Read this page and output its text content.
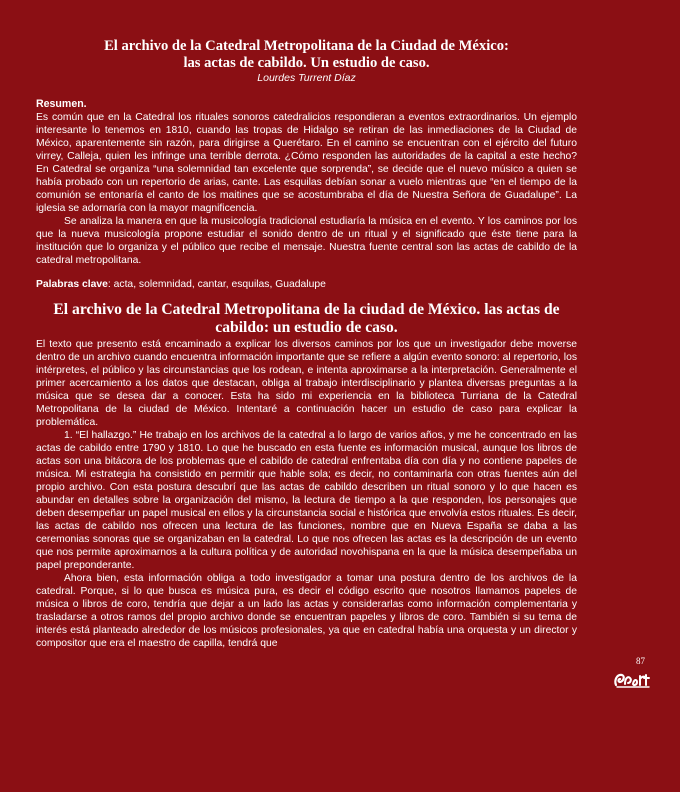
El archivo de la Catedral Metropolitana de la Ciudad de México:
las actas de cabildo. Un estudio de caso.
Lourdes Turrent Díaz
Resumen.

Es común que en la Catedral los rituales sonoros catedralicios respondieran a eventos extraordinarios. Un ejemplo interesante lo tenemos en 1810, cuando las tropas de Hidalgo se retiran de las inmediaciones de la Ciudad de México, aparentemente sin razón, para dirigirse a Querétaro. En el camino se encuentran con el ejército del futuro virrey, Calleja, quien les infringe una terrible derrota. ¿Cómo responden las autoridades de la capital a este hecho? En Catedral se organiza “una solemnidad tan excelente que sorprenda”, se decide que el nuevo músico a quien se había probado con un repertorio de arias, cante. Las esquilas debían sonar a vuelo mientras que “en el tiempo de la comunión se entonaría el canto de los maitines que se acostumbraba el día de Nuestra Señora de Guadalupe”. La iglesia se adornaría con la mayor magnificencia.

Se analiza la manera en que la musicología tradicional estudiaría la música en el evento. Y los caminos por los que la nueva musicología propone estudiar el sonido dentro de un ritual y el significado que éste tiene para la institución que lo organiza y el público que recibe el mensaje. Nuestra fuente central son las actas de cabildo de la catedral metropolitana.

Palabras clave: acta, solemnidad, cantar, esquilas, Guadalupe
El archivo de la Catedral Metropolitana de la ciudad de México. las actas de
cabildo: un estudio de caso.

El texto que presento está encaminado a explicar los diversos caminos por los que un investigador debe moverse dentro de un archivo cuando encuentra información importante que se refiere a algún evento sonoro: al repertorio, los intérpretes, el público y las circunstancias que los rodean, e intenta aproximarse a la interpretación. Generalmente el primer acercamiento a los datos que destacan, obliga al trabajo interdisciplinario y plantea diversas preguntas a la música que se desea dar a conocer. Esta ha sido mi experiencia en la biblioteca Turriana de la Catedral Metropolitana de la ciudad de México. Intentaré a continuación hacer un estudio de caso para explicar la problemática.

1. “El hallazgo.” He trabajo en los archivos de la catedral a lo largo de varios años, y me he concentrado en las actas de cabildo entre 1790 y 1810. Lo que he buscado en esta fuente es información musical, aunque los libros de actas son una bitácora de los problemas que el cabildo de catedral enfrentaba día con día y no contiene papeles de música. Mi estrategia ha consistido en permitir que hable sola; es decir, no contaminarla con otras fuentes aún del propio archivo. Con esta postura descubrí que las actas de cabildo describen un ritual sonoro y lo que hacen es abundar en detalles sobre la organización del mismo, la lectura de tiempo a la que responden, los personajes que deben desempeñar un papel musical en ellos y la circunstancia social e histórica que envolvía estos rituales. Es decir, las actas de cabildo nos ofrecen una lectura de las funciones, nombre que en Nueva España se daba a las ceremonias sonoras que se organizaban en la catedral. Lo que nos ofrecen las actas es la descripción de un evento que nos permite aproximarnos a la cultura política y de autoridad novohispana en la que la música desempeñaba un papel preponderante.

Ahora bien, esta información obliga a todo investigador a tomar una postura dentro de los archivos de la catedral. Porque, si lo que busca es música pura, es decir el código escrito que nosotros llamamos papeles de música o libros de coro, tendría que dejar a un lado las actas y considerarlas como información complementaria y trasladarse a otros ramos del propio archivo donde se encuentran papeles y libros de coro. También si su tema de interés está planteado alrededor de los músicos profesionales, ya que en catedral había una orquesta y un director y compositor que era el maestro de capilla, tendrá que

87
